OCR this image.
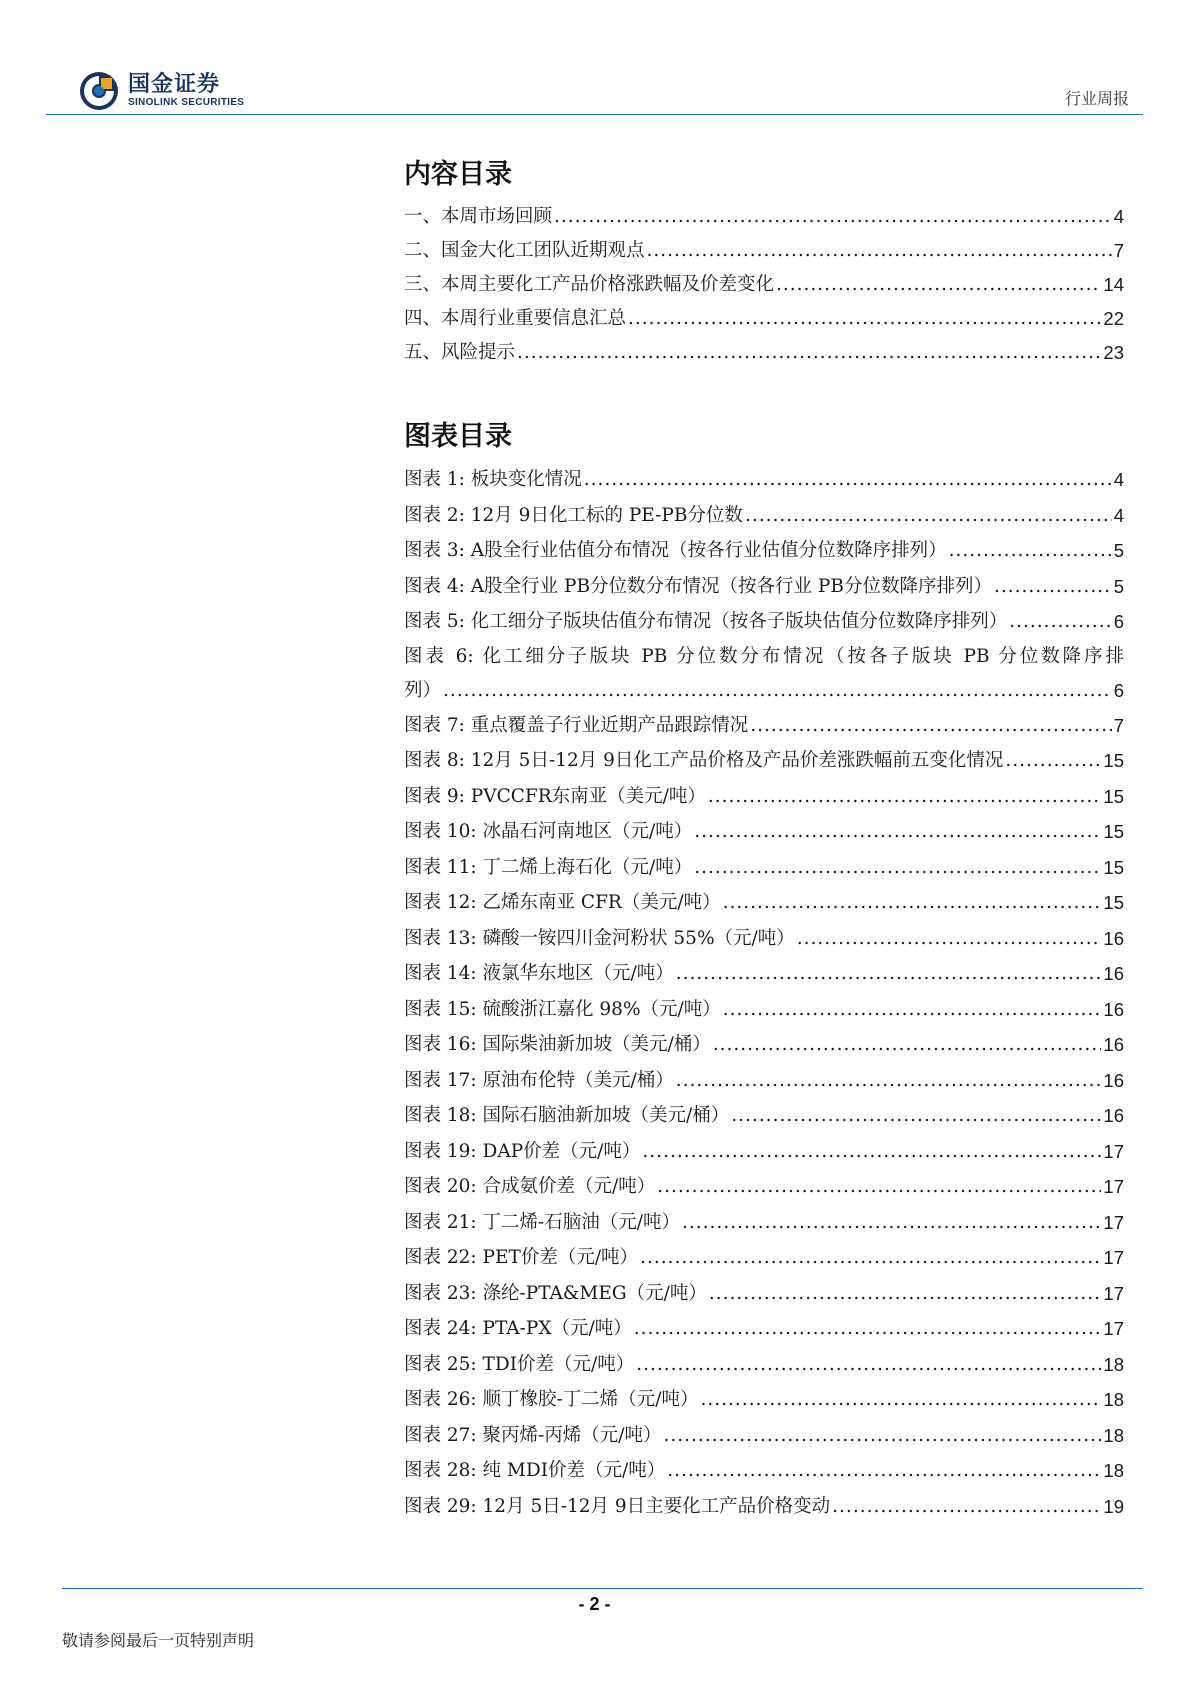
国金证券
SINOLINK SECURITIES	行业周报
内容目录
一、本周市场回顾 .....	4
二、国金大化工团队近期观点 .....	7
三、本周主要化工产品价格涨跌幅及价差变化 .....	14
四、本周行业重要信息汇总 .....	22
五、风险提示 .....	23
图表目录
图表 1: 板块变化情况 .....	4
图表 2: 12月 9日化工标的 PE-PB分位数 .....	4
图表 3: A股全行业估值分布情况（按各行业估值分位数降序排列） .....	5
图表 4: A股全行业 PB分位数分布情况（按各行业 PB分位数降序排列） .....	5
图表 5: 化工细分子版块估值分布情况（按各子版块估值分位数降序排列） .....	6
图表 6: 化工细分子版块 PB 分位数分布情况（按各子版块 PB 分位数降序排
列） .....	6
图表 7: 重点覆盖子行业近期产品跟踪情况 .....	7
图表 8: 12月 5日-12月 9日化工产品价格及产品价差涨跌幅前五变化情况 .....	15
图表 9: PVCCFR东南亚（美元/吨） .....	15
图表 10: 冰晶石河南地区（元/吨） .....	15
图表 11: 丁二烯上海石化（元/吨） .....	15
图表 12: 乙烯东南亚 CFR（美元/吨） .....	15
图表 13: 磷酸一铵四川金河粉状 55%（元/吨） .....	16
图表 14: 液氯华东地区（元/吨） .....	16
图表 15: 硫酸浙江嘉化 98%（元/吨） .....	16
图表 16: 国际柴油新加坡（美元/桶） .....	16
图表 17: 原油布伦特（美元/桶） .....	16
图表 18: 国际石脑油新加坡（美元/桶） .....	16
图表 19: DAP价差（元/吨） .....	17
图表 20: 合成氨价差（元/吨） .....	17
图表 21: 丁二烯-石脑油（元/吨） .....	17
图表 22: PET价差（元/吨） .....	17
图表 23: 涤纶-PTA&MEG（元/吨） .....	17
图表 24: PTA-PX（元/吨） .....	17
图表 25: TDI价差（元/吨） .....	18
图表 26: 顺丁橡胶-丁二烯（元/吨） .....	18
图表 27: 聚丙烯-丙烯（元/吨） .....	18
图表 28: 纯 MDI价差（元/吨） .....	18
图表 29: 12月 5日-12月 9日主要化工产品价格变动 .....	19
- 2 -
敬请参阅最后一页特别声明
